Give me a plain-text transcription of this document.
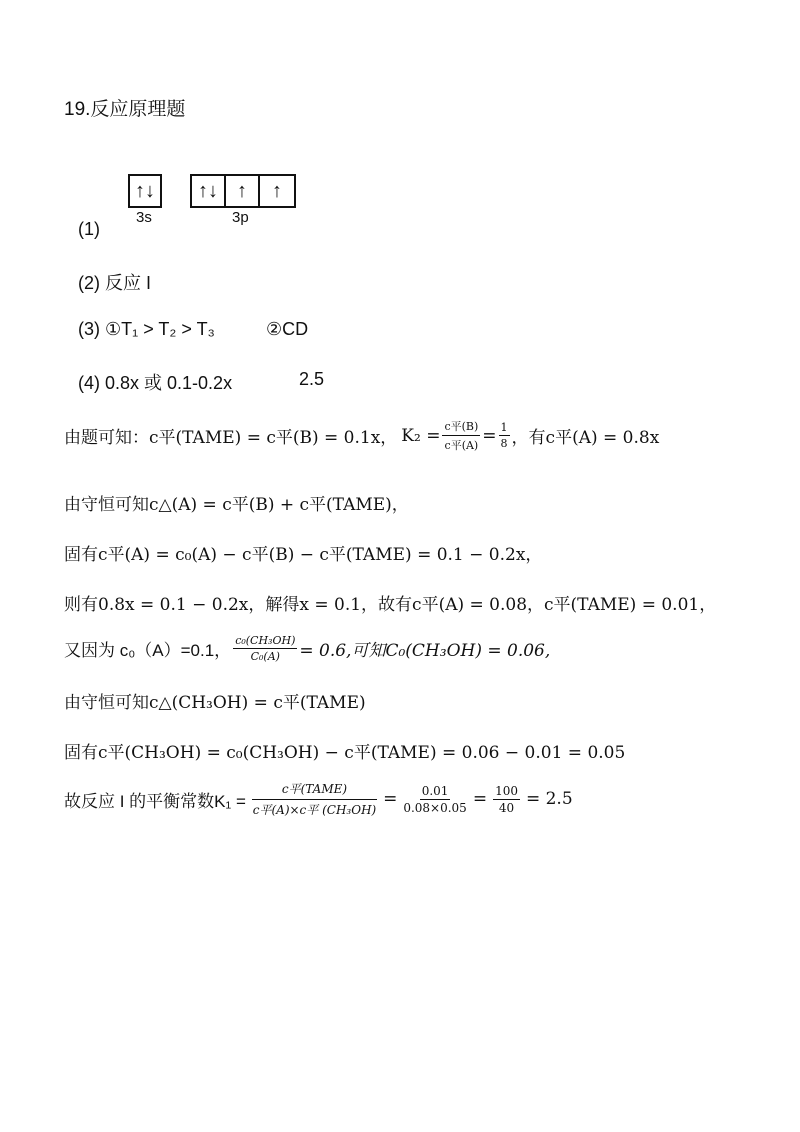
19.反应原理题
↑↓
3s
↑↓ ↑	↑
3p
(1)
(2) 反应 I
(3) ①T₁ > T₂ > T₃	②CD
(4) 0.8x 或 0.1-0.2x	2.5
由题可知： c平(TAME) = c平(B) = 0.1x， $K_2 = \frac{\text{c平(B)}}{\text{c平(A)}} = \frac{1}{8}$ ，有c平(A) = 0.8x
由守恒可知c△(A) = c平(B) + c平(TAME)，
固有c平(A) = c₀(A) − c平(B) − c平(TAME) = 0.1 − 0.2x，
则有0.8x = 0.1 − 0.2x，解得x = 0.1，故有c平(A) = 0.08，c平(TAME) = 0.01，
又因为 c₀（A）=0.1， $\frac{\text{c₀(CH₃OH)}}{\text{C₀(A)}} = 0.6$,可知C₀(CH₃OH) = 0.06,
由守恒可知c△(CH₃OH) = c平(TAME)
固有c平(CH₃OH) = c₀(CH₃OH) − c平(TAME) = 0.06 − 0.01 = 0.05
故反应 I 的平衡常数$K_1 = \frac{\text{c平(TAME)}}{\text{c平(A)×c平 (CH₃OH)}} = \frac{0.01}{0.08\times 0.05} = \frac{100}{40} = 2.5$
